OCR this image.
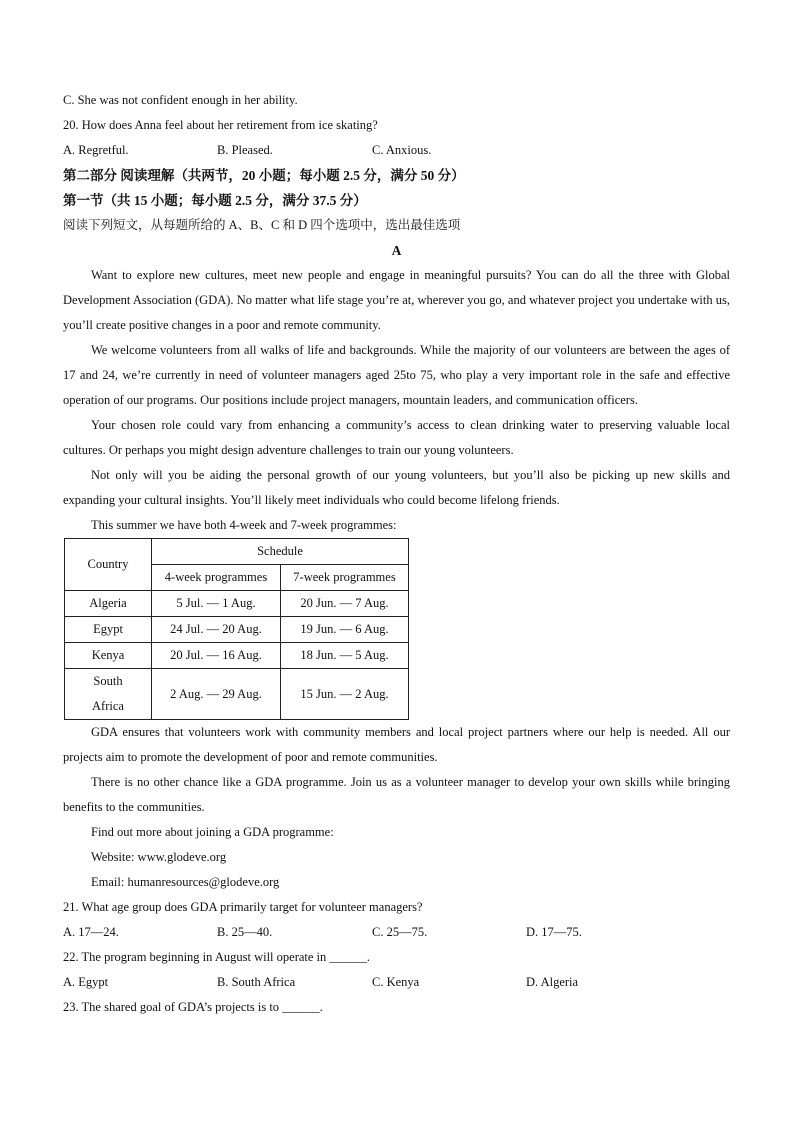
C. She was not confident enough in her ability.
20. How does Anna feel about her retirement from ice skating?
A. Regretful.	B. Pleased.	C. Anxious.
第二部分 阅读理解（共两节，20 小题；每小题 2.5 分，满分 50 分）
第一节（共 15 小题；每小题 2.5 分，满分 37.5 分）
阅读下列短文，从每题所给的 A、B、C 和 D 四个选项中，选出最佳选项
A

Want to explore new cultures, meet new people and engage in meaningful pursuits? You can do all the three with Global Development Association (GDA). No matter what life stage you’re at, wherever you go, and whatever project you undertake with us, you’ll create positive changes in a poor and remote community.

We welcome volunteers from all walks of life and backgrounds. While the majority of our volunteers are between the ages of 17 and 24, we’re currently in need of volunteer managers aged 25to 75, who play a very important role in the safe and effective operation of our programs. Our positions include project managers, mountain leaders, and communication officers.

Your chosen role could vary from enhancing a community’s access to clean drinking water to preserving valuable local cultures. Or perhaps you might design adventure challenges to train our young volunteers.

Not only will you be aiding the personal growth of our young volunteers, but you’ll also be picking up new skills and expanding your cultural insights. You’ll likely meet individuals who could become lifelong friends.

This summer we have both 4-week and 7-week programmes:

Country	Schedule	
	4-week programmes	7-week programmes
Algeria	5 Jul. — 1 Aug.	20 Jun. — 7 Aug.
Egypt	24 Jul. — 20 Aug.	19 Jun. — 6 Aug.
Kenya	20 Jul. — 16 Aug.	18 Jun. — 5 Aug.

South
Africa	2 Aug. — 29 Aug.	15 Jun. — 2 Aug.

GDA ensures that volunteers work with community members and local project partners where our help is needed. All our projects aim to promote the development of poor and remote communities.

There is no other chance like a GDA programme. Join us as a volunteer manager to develop your own skills while bringing benefits to the communities.

Find out more about joining a GDA programme:
Website: www.glodeve.org
Email: humanresources@glodeve.org
21. What age group does GDA primarily target for volunteer managers?
A. 17—24.	B. 25—40.	C. 25—75.	D. 17—75.
22. The program beginning in August will operate in ______.
A. Egypt	B. South Africa	C. Kenya	D. Algeria
23. The shared goal of GDA’s projects is to ______.
